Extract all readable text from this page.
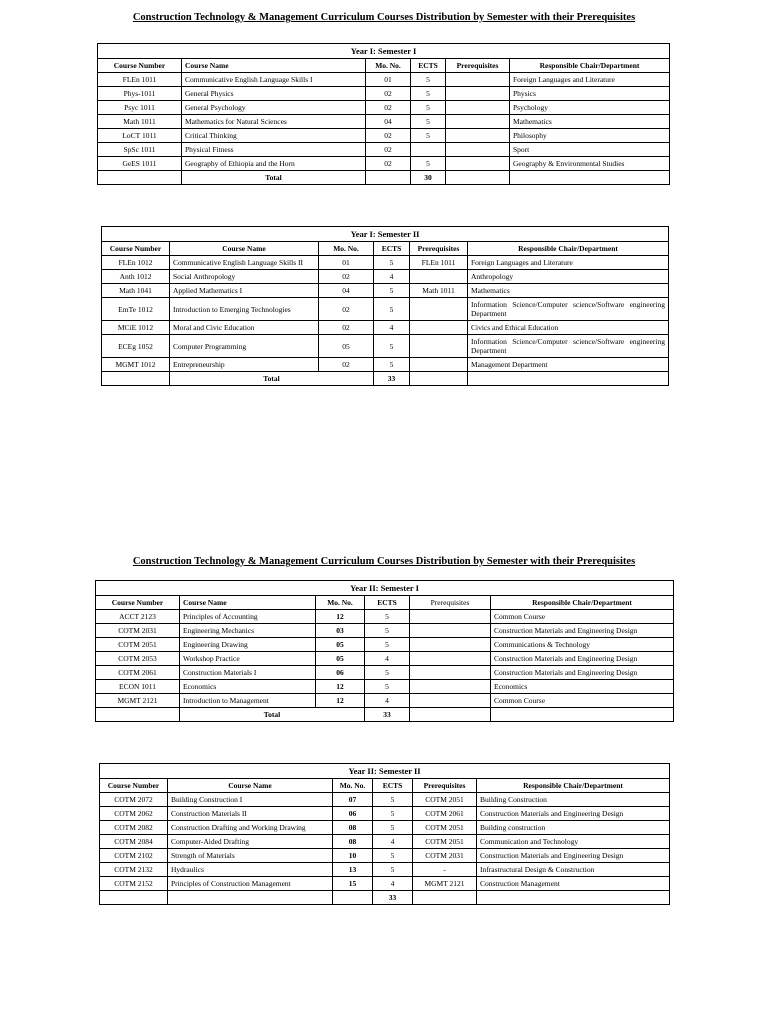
Construction Technology & Management Curriculum Courses Distribution by Semester with their Prerequisites
Year I: Semester I					
Course Number	Course Name	Mo. No.	ECTS	Prerequisites	Responsible Chair/Department
FLEn 1011	Communicative English Language Skills I	01	5		Foreign Languages and Literature
Phys-1011	General Physics	02	5		Physics
Psyc 1011	General Psychology	02	5		Psychology
Math 1011	Mathematics for Natural Sciences	04	5		Mathematics
LoCT 1011	Critical Thinking	02	5		Philosophy
SpSc 1011	Physical Fitness	02			Sport
GeES 1011	Geography of Ethiopia and the Horn	02	5		Geography & Environmental Studies
	Total		30		
Year I: Semester II					
Course Number	Course Name	Mo. No.	ECTS	Prerequisites	Responsible Chair/Department
FLEn 1012	Communicative English Language Skills II	01	5	FLEn 1011	Foreign Languages and Literature
Anth 1012	Social Anthropology	02	4		Anthropology
Math 1041	Applied Mathematics I	04	5	Math 1011	Mathematics
EmTe 1012	Introduction to Emerging Technologies	02	5		Information Science/Computer science/Software engineering Department
MCiE 1012	Moral and Civic Education	02	4		Civics and Ethical Education
ECEg 1052	Computer Programming	05	5		Information Science/Computer science/Software engineering Department
MGMT 1012	Entrepreneurship	02	5		Management Department
	Total		33		
Construction Technology & Management Curriculum Courses Distribution by Semester with their Prerequisites
Year II: Semester I					
Course Number	Course Name	Mo. No.	ECTS	Prerequisites	Responsible Chair/Department
ACCT 2123	Principles of Accounting	12	5		Common Course
COTM 2031	Engineering Mechanics	03	5		Construction Materials and Engineering Design
COTM 2051	Engineering Drawing	05	5		Communications & Technology
COTM 2053	Workshop Practice	05	4		Construction Materials and Engineering Design
COTM 2061	Construction Materials I	06	5		Construction Materials and Engineering Design
ECON 1011	Economics	12	5		Economics
MGMT 2121	Introduction to Management	12	4		Common Course
	Total		33		
Year II: Semester II					
Course Number	Course Name	Mo. No.	ECTS	Prerequisites	Responsible Chair/Department
COTM 2072	Building Construction I	07	5	COTM 2051	Building Construction
COTM 2062	Construction Materials II	06	5	COTM 2061	Construction Materials and Engineering Design
COTM 2082	Construction Drafting and Working Drawing	08	5	COTM 2051	Building construction
COTM 2084	Computer-Aided Drafting	08	4	COTM 2051	Communication and Technology
COTM 2102	Strength of Materials	10	5	COTM 2031	Construction Materials and Engineering Design
COTM 2132	Hydraulics	13	5	-	Infrastructural Design & Construction
COTM 2152	Principles of Construction Management	15	4	MGMT 2121	Construction Management
			33		
